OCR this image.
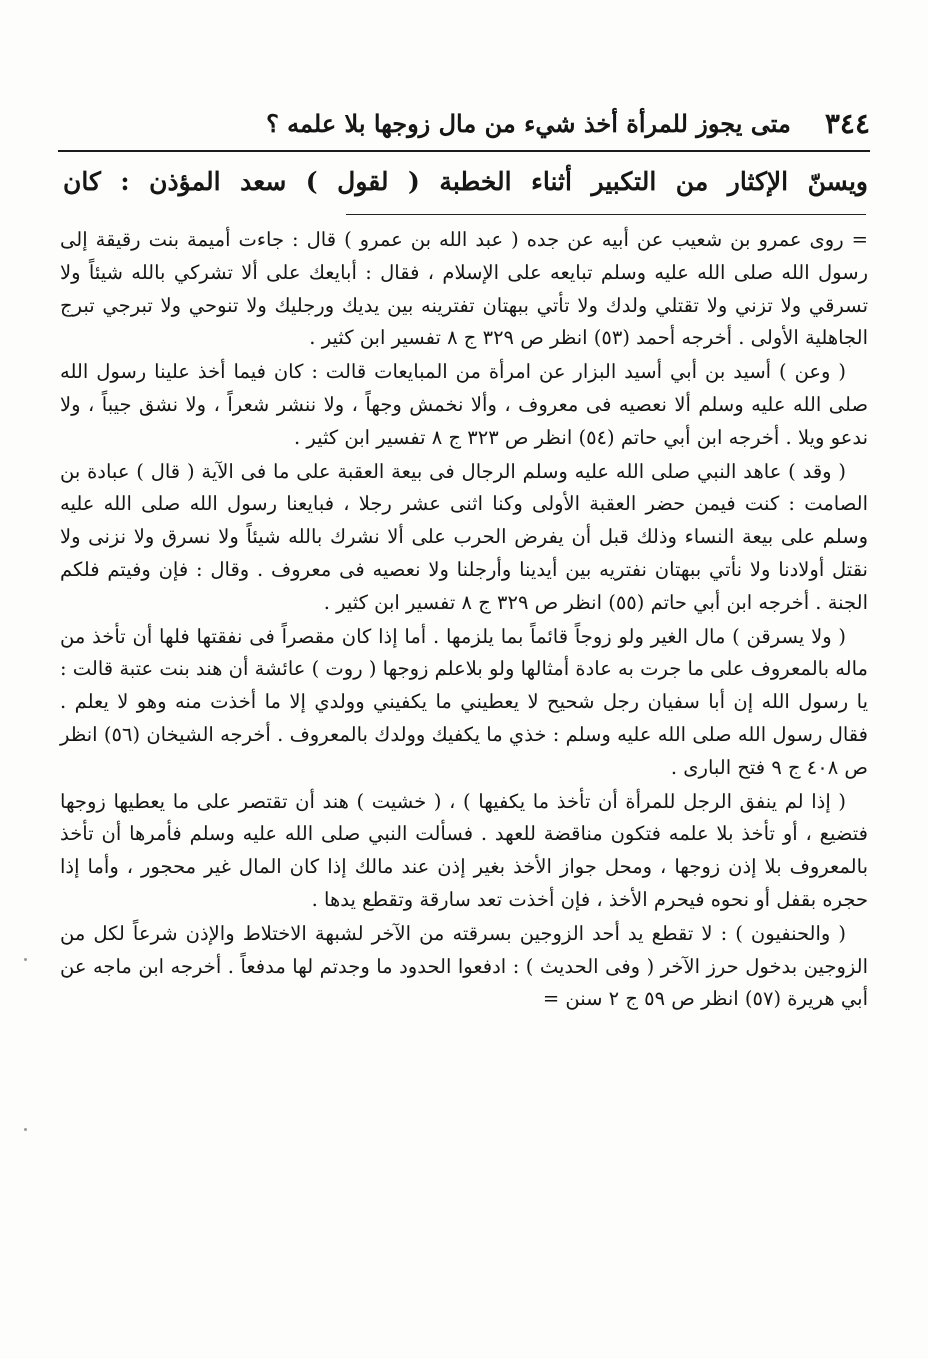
٣٤٤
متى يجوز للمرأة أخذ شيء من مال زوجها بلا علمه ؟
ويسنّ الإكثار من التكبير أثناء الخطبة ( لقول ) سعد المؤذن : كان

= روى عمرو بن شعيب عن أبيه عن جده ( عبد الله بن عمرو ) قال : جاءت أميمة بنت رقيقة إلى رسول الله صلى الله عليه وسلم تبايعه على الإسلام ، فقال : أبايعك على ألا تشركي بالله شيئاً ولا تسرقي ولا تزني ولا تقتلي ولدك ولا تأتي ببهتان تفترينه بين يديك ورجليك ولا تنوحي ولا تبرجي تبرج الجاهلية الأولى . أخرجه أحمد (٥٣) انظر ص ٣٢٩ ج ٨ تفسير ابن كثير .

( وعن ) أسيد بن أبي أسيد البزار عن امرأة من المبايعات قالت : كان فيما أخذ علينا رسول الله صلى الله عليه وسلم ألا نعصيه فى معروف ، وألا نخمش وجهاً ، ولا ننشر شعراً ، ولا نشق جيباً ، ولا ندعو ويلا . أخرجه ابن أبي حاتم (٥٤) انظر ص ٣٢٣ ج ٨ تفسير ابن كثير .

( وقد ) عاهد النبي صلى الله عليه وسلم الرجال فى بيعة العقبة على ما فى الآية ( قال ) عبادة بن الصامت : كنت فيمن حضر العقبة الأولى وكنا اثنى عشر رجلا ، فبايعنا رسول الله صلى الله عليه وسلم على بيعة النساء وذلك قبل أن يفرض الحرب على ألا نشرك بالله شيئاً ولا نسرق ولا نزنى ولا نقتل أولادنا ولا نأتي ببهتان نفتريه بين أيدينا وأرجلنا ولا نعصيه فى معروف . وقال : فإن وفيتم فلكم الجنة . أخرجه ابن أبي حاتم (٥٥) انظر ص ٣٢٩ ج ٨ تفسير ابن كثير .

( ولا يسرقن ) مال الغير ولو زوجاً قائماً بما يلزمها . أما إذا كان مقصراً فى نفقتها فلها أن تأخذ من ماله بالمعروف على ما جرت به عادة أمثالها ولو بلاعلم زوجها ( روت ) عائشة أن هند بنت عتبة قالت : يا رسول الله إن أبا سفيان رجل شحيح لا يعطيني ما يكفيني وولدي إلا ما أخذت منه وهو لا يعلم . فقال رسول الله صلى الله عليه وسلم : خذي ما يكفيك وولدك بالمعروف . أخرجه الشيخان (٥٦) انظر ص ٤٠٨ ج ٩ فتح البارى .

( إذا لم ينفق الرجل للمرأة أن تأخذ ما يكفيها ) ، ( خشيت ) هند أن تقتصر على ما يعطيها زوجها فتضيع ، أو تأخذ بلا علمه فتكون مناقضة للعهد . فسألت النبي صلى الله عليه وسلم فأمرها أن تأخذ بالمعروف بلا إذن زوجها ، ومحل جواز الأخذ بغير إذن عند مالك إذا كان المال غير محجور ، وأما إذا حجره بقفل أو نحوه فيحرم الأخذ ، فإن أخذت تعد سارقة وتقطع يدها .

( والحنفيون ) : لا تقطع يد أحد الزوجين بسرقته من الآخر لشبهة الاختلاط والإذن شرعاً لكل من الزوجين بدخول حرز الآخر ( وفى الحديث ) : ادفعوا الحدود ما وجدتم لها مدفعاً . أخرجه ابن ماجه عن أبي هريرة (٥٧) انظر ص ٥٩ ج ٢ سنن =
